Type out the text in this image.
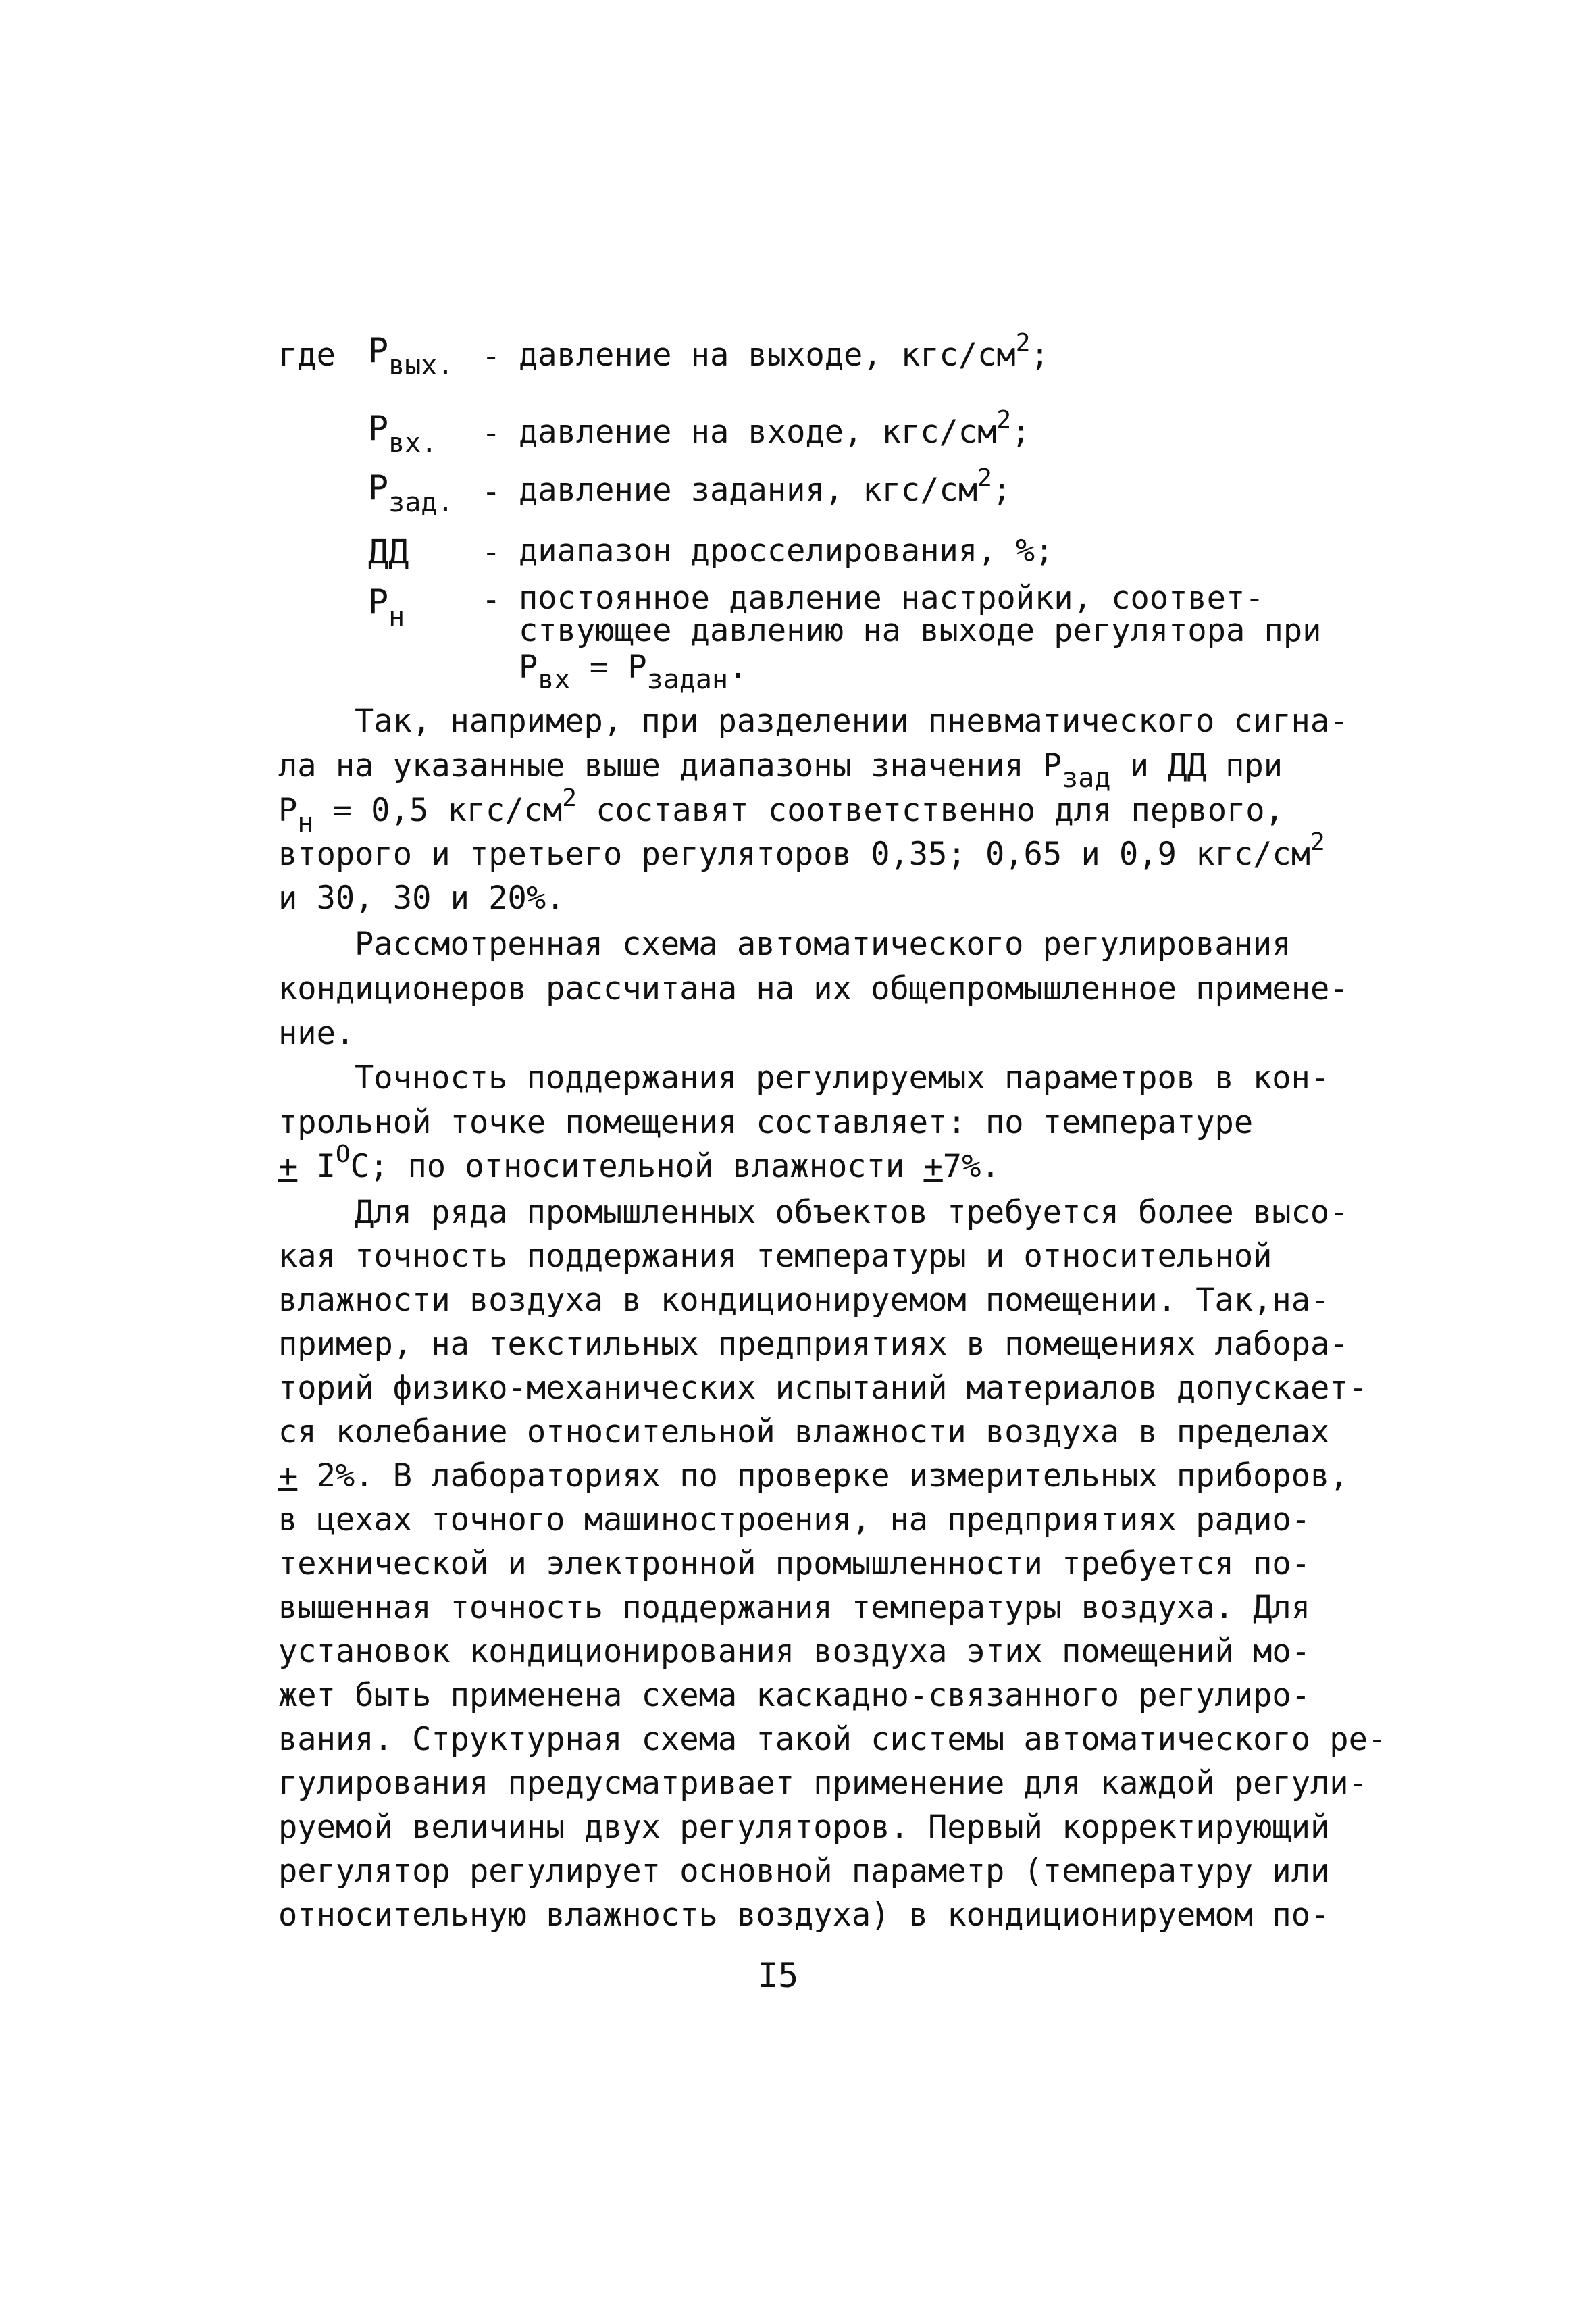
где $P_{вых.}$ - давление на выходе, кгс/$см^2$;
$P_{вх.}$ - давление на входе, кгс/$см^2$;
$P_{зад.}$ - давление задания, кгс/$см^2$;
ДД - диапазон дросселирования, %;
$P_н$ - постоянное давление настройки, соответ-
ствующее давлению на выходе регулятора при
$P_{вх} = P_{задан}$.
Так, например, при разделении пневматического сигна-
ла на указанные выше диапазоны значения $P_{зад}$ и ДД при
$P_н = 0,5$ кгс/$см^2$ составят соответственно для первого,
второго и третьего регуляторов 0,35; 0,65 и 0,9 кгс/$см^2$
и 30, 30 и 20%.
Рассмотренная схема автоматического регулирования
кондиционеров рассчитана на их общепромышленное примене-
ние.
Точность поддержания регулируемых параметров в кон-
трольной точке помещения составляет: по температуре
+ $I^OС$; по относительной влажности +7%.
Для ряда промышленных объектов требуется более высо-
кая точность поддержания температуры и относительной
влажности воздуха в кондиционируемом помещении. Так,на-
пример, на текстильных предприятиях в помещениях лабора-
торий физико-механических испытаний материалов допускает-
ся колебание относительной влажности воздуха в пределах
+ 2%. В лабораториях по проверке измерительных приборов,
в цехах точного машиностроения, на предприятиях радио-
технической и электронной промышленности требуется по-
вышенная точность поддержания температуры воздуха. Для
установок кондиционирования воздуха этих помещений мо-
жет быть применена схема каскадно-связанного регулиро-
вания. Структурная схема такой системы автоматического ре-
гулирования предусматривает применение для каждой регули-
руемой величины двух регуляторов. Первый корректирующий
регулятор регулирует основной параметр (температуру или
относительную влажность воздуха) в кондиционируемом по-
I5
